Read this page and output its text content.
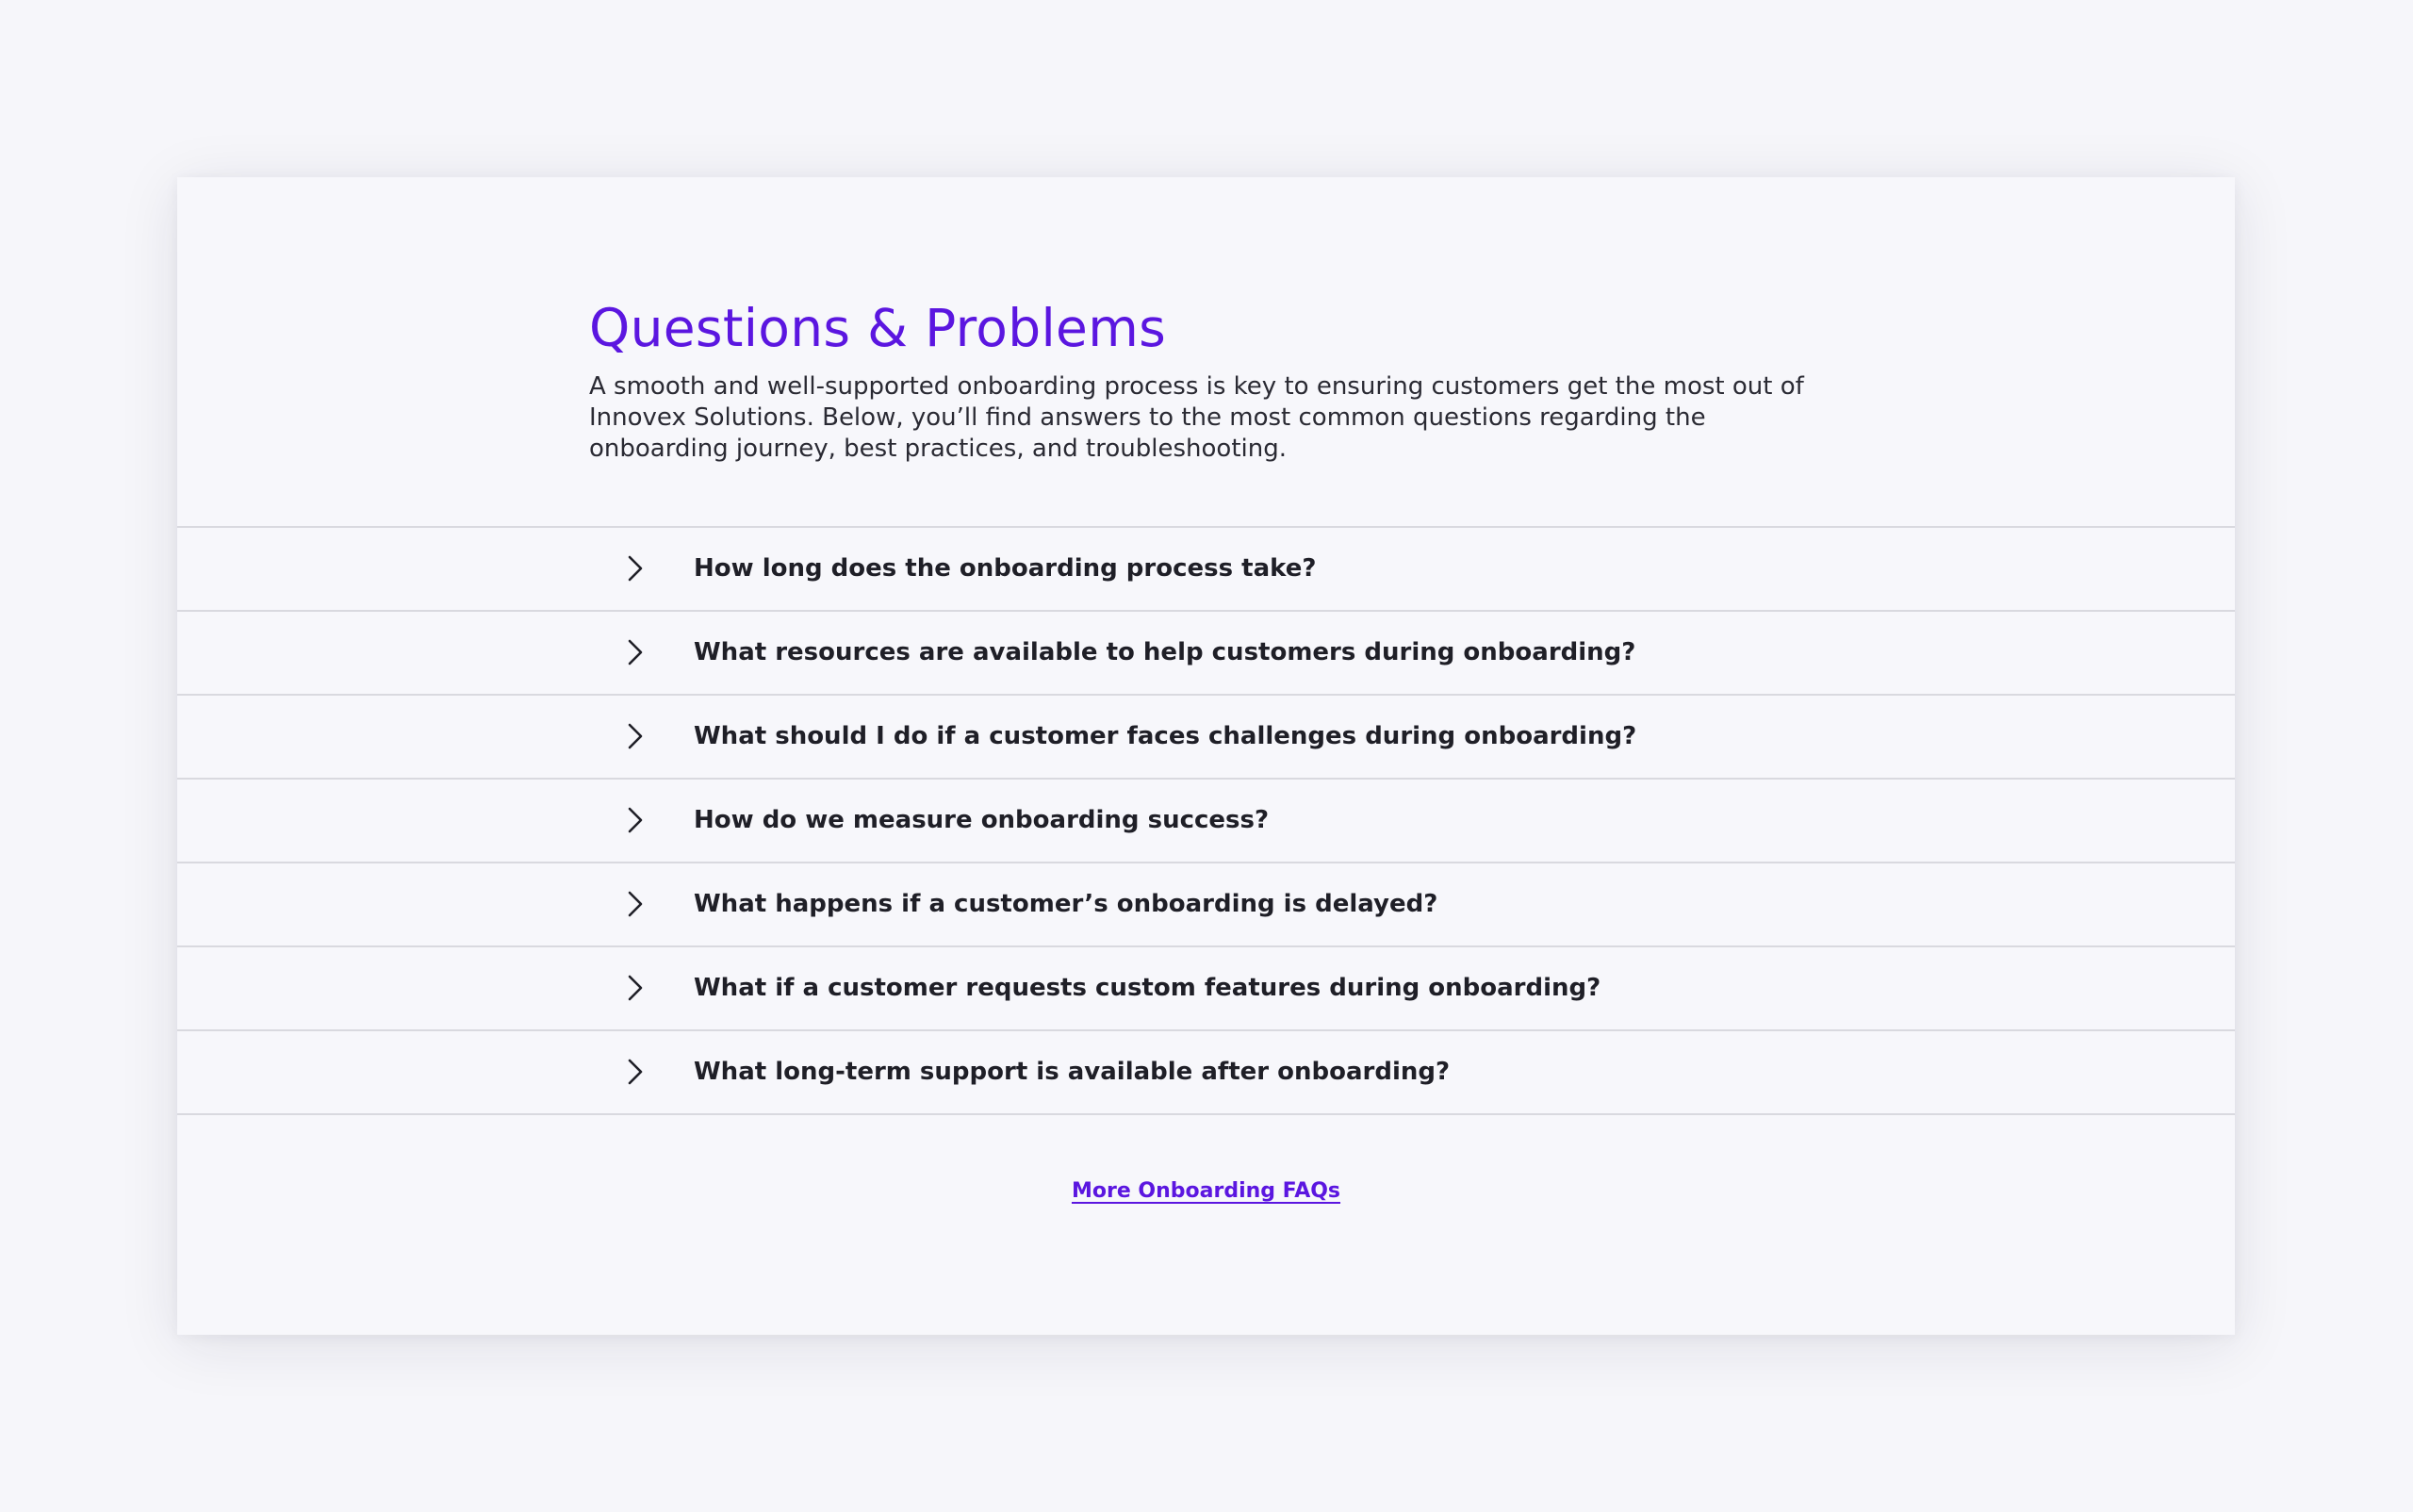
Questions & Problems

A smooth and well-supported onboarding process is key to ensuring customers get the most out of Innovex Solutions. Below, you’ll find answers to the most common questions regarding the onboarding journey, best practices, and troubleshooting.

How long does the onboarding process take?
What resources are available to help customers during onboarding?
What should I do if a customer faces challenges during onboarding?
How do we measure onboarding success?
What happens if a customer’s onboarding is delayed?
What if a customer requests custom features during onboarding?
What long-term support is available after onboarding?
More Onboarding FAQs
